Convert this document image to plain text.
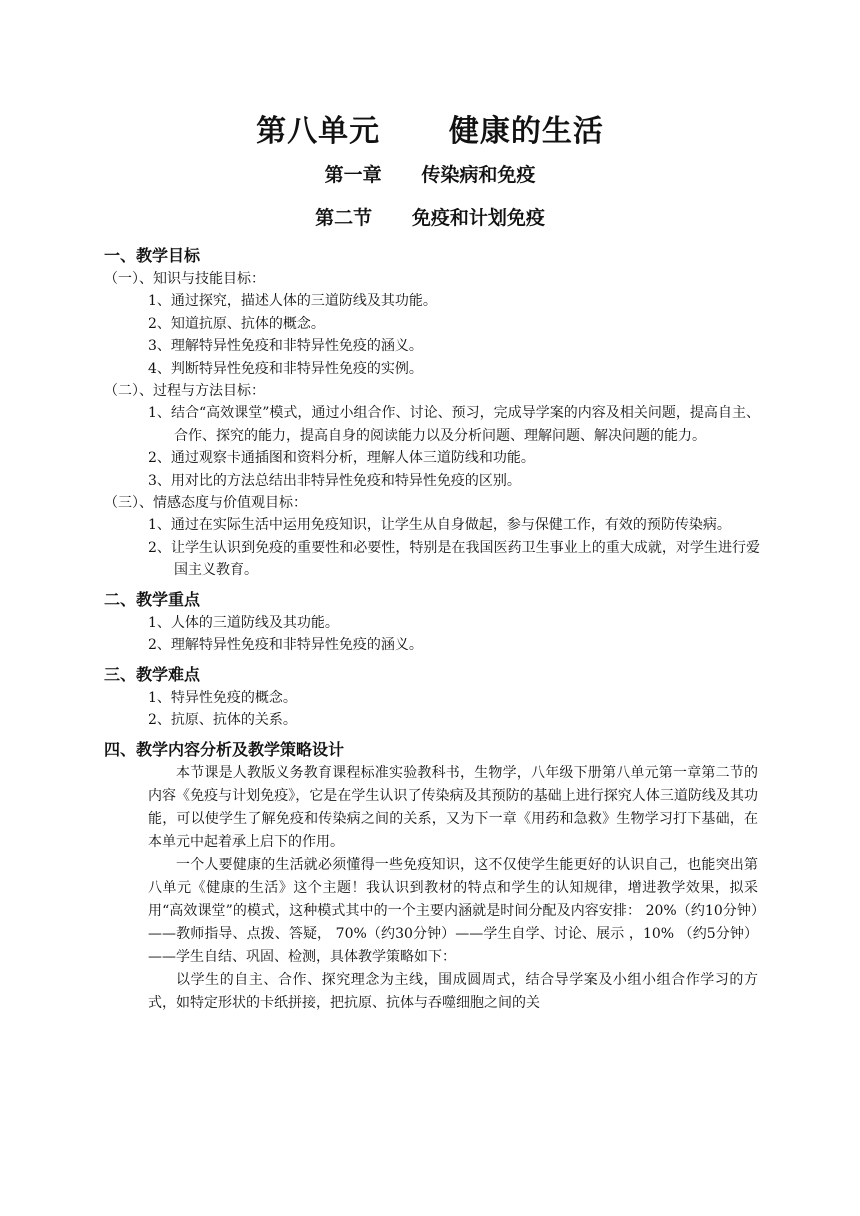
第八单元      健康的生活
第一章      传染病和免疫
第二节      免疫和计划免疫
一、教学目标
（一）、知识与技能目标：

1、通过探究，描述人体的三道防线及其功能。

2、知道抗原、抗体的概念。

3、理解特异性免疫和非特异性免疫的涵义。

4、判断特异性免疫和非特异性免疫的实例。

（二）、过程与方法目标：

1、结合“高效课堂”模式，通过小组合作、讨论、预习，完成导学案的内容及相关问题，提高自主、合作、探究的能力，提高自身的阅读能力以及分析问题、理解问题、解决问题的能力。

2、通过观察卡通插图和资料分析，理解人体三道防线和功能。

3、用对比的方法总结出非特异性免疫和特异性免疫的区别。

（三）、情感态度与价值观目标：

1、通过在实际生活中运用免疫知识，让学生从自身做起，参与保健工作，有效的预防传染病。

2、让学生认识到免疫的重要性和必要性，特别是在我国医药卫生事业上的重大成就，对学生进行爱国主义教育。

二、教学重点

1、人体的三道防线及其功能。

2、理解特异性免疫和非特异性免疫的涵义。

三、教学难点

1、特异性免疫的概念。

2、抗原、抗体的关系。

四、教学内容分析及教学策略设计

本节课是人教版义务教育课程标准实验教科书，生物学，八年级下册第八单元第一章第二节的内容《免疫与计划免疫》，它是在学生认识了传染病及其预防的基础上进行探究人体三道防线及其功能，可以使学生了解免疫和传染病之间的关系，又为下一章《用药和急救》生物学习打下基础，在本单元中起着承上启下的作用。

一个人要健康的生活就必须懂得一些免疫知识，这不仅使学生能更好的认识自己，也能突出第八单元《健康的生活》这个主题！我认识到教材的特点和学生的认知规律，增进教学效果，拟采用“高效课堂”的模式，这种模式其中的一个主要内涵就是时间分配及内容安排： 20%（约10分钟）——教师指导、点拨、答疑， 70%（约30分钟）——学生自学、讨论、展示 ，10% （约5分钟）——学生自结、巩固、检测，具体教学策略如下：

以学生的自主、合作、探究理念为主线，围成圆周式，结合导学案及小组小组合作学习的方式，如特定形状的卡纸拼接，把抗原、抗体与吞噬细胞之间的关
